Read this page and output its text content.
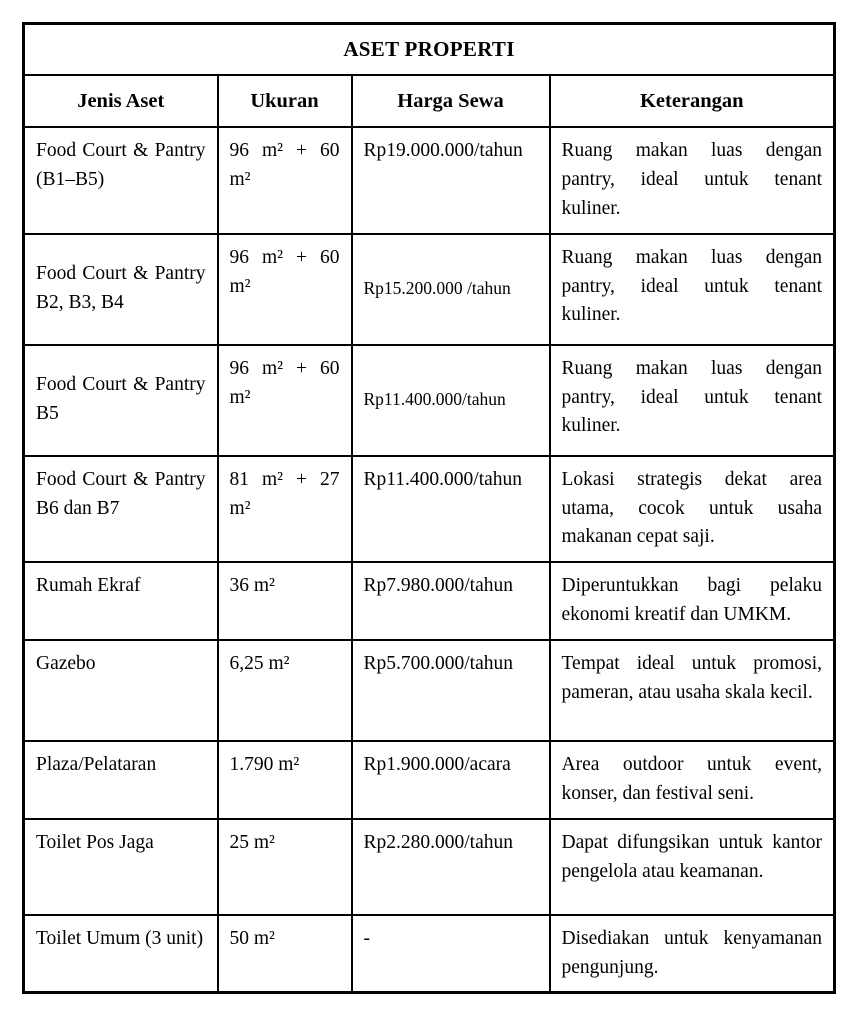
ASET PROPERTI			
Jenis Aset	Ukuran	Harga Sewa	Keterangan
Food Court & Pantry (B1–B5)	96 m² + 60 m²	Rp19.000.000/tahun	Ruang makan luas dengan pantry, ideal untuk tenant kuliner.
Food Court & Pantry B2, B3, B4	96 m² + 60 m²	Rp15.200.000 /tahun	Ruang makan luas dengan pantry, ideal untuk tenant kuliner.
Food Court & Pantry B5	96 m² + 60 m²	Rp11.400.000/tahun	Ruang makan luas dengan pantry, ideal untuk tenant kuliner.
Food Court & Pantry B6 dan B7	81 m² + 27 m²	Rp11.400.000/tahun	Lokasi strategis dekat area utama, cocok untuk usaha makanan cepat saji.
Rumah Ekraf	36 m²	Rp7.980.000/tahun	Diperuntukkan bagi pelaku ekonomi kreatif dan UMKM.
Gazebo	6,25 m²	Rp5.700.000/tahun	Tempat ideal untuk promosi, pameran, atau usaha skala kecil.
Plaza/Pelataran	1.790 m²	Rp1.900.000/acara	Area outdoor untuk event, konser, dan festival seni.
Toilet Pos Jaga	25 m²	Rp2.280.000/tahun	Dapat difungsikan untuk kantor pengelola atau keamanan.
Toilet Umum (3 unit)	50 m²	-	Disediakan untuk kenyamanan pengunjung.
